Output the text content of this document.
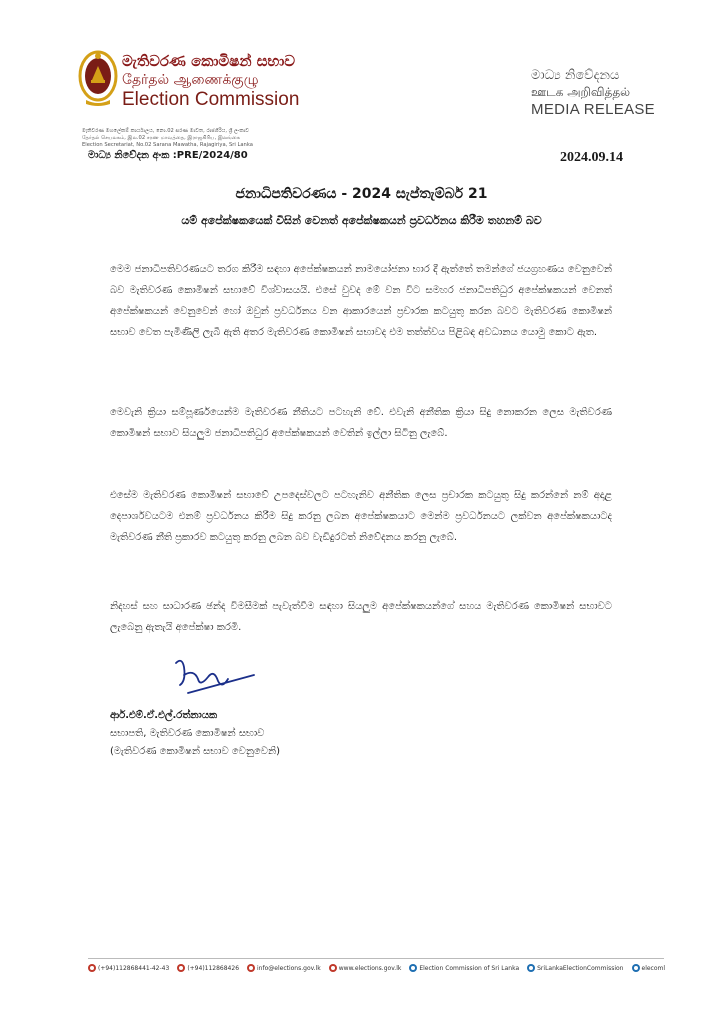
මැතිවරණ කොමිෂන් සභාව
தேர்தல் ஆணைக்குழு
Election Commission
මැතිවරණ මහලේකම් කාර්යාලය, නො.02 සරණ මාවත, රාජගිරිය, ශ්‍රී ලංකාව
தேர்தல் செயலகம், இல.02 சரண மாவத்தை, இராஜகிரிய, இலங்கை
Election Secretariat, No.02 Sarana Mawatha, Rajagiriya, Sri Lanka
මාධ්‍ය නිවේදනය
ஊடக அறிவித்தல்
MEDIA RELEASE
මාධ්‍ය නිවේදන අංක :PRE/2024/80	2024.09.14
ජනාධිපතිවරණය - 2024 සැප්තැම්බර් 21
යම් අපේක්ෂකයෙක් විසින් වෙනත් අපේක්ෂකයන් ප්‍රවර්ධනය කිරීම තහනම් බව
මෙම ජනාධිපතිවරණයට තරග කිරීම සඳහා අපේක්ෂකයන් නාමයෝජනා භාර දී ඇත්තේ තමන්ගේ ජයග්‍රහණය වෙනුවෙන් බව මැතිවරණ කොමිෂන් සභාවේ විශ්වාසයයි. එසේ වුවද මේ වන විට සමහර ජනාධිපතිධුර අපේක්ෂකයන් වෙනත් අපේක්ෂකයන් වෙනුවෙන් හෝ ඔවුන් ප්‍රවර්ධනය වන ආකාරයෙන් ප්‍රචාරක කටයුතු කරන බවට මැතිවරණ කොමිෂන් සභාව වෙත පැමිණිලි ලැබී ඇති අතර මැතිවරණ කොමිෂන් සභාවද එම තත්ත්වය පිළිබඳ අවධානය යොමු කොට ඇත.
මෙවැනි ක්‍රියා සම්පූර්ණයෙන්ම මැතිවරණ නීතියට පටහැනි වේ. එවැනි අනීතික ක්‍රියා සිදු නොකරන ලෙස මැතිවරණ කොමිෂන් සභාව සියලුම ජනාධිපතිධුර අපේක්ෂකයන් වෙතින් ඉල්ලා සිටිනු ලැබේ.
එසේම මැතිවරණ කොමිෂන් සභාවේ උපදෙස්වලට පටහැනිව අනීතික ලෙස ප්‍රචාරක කටයුතු සිදු කරන්නේ නම් අදාළ දෙපාර්ශවයටම එනම් ප්‍රවර්ධනය කිරීම සිදු කරනු ලබන අපේක්ෂකයාට මෙන්ම ප්‍රවර්ධනයට ලක්වන අපේක්ෂකයාටද මැතිවරණ නීති ප්‍රකාරව කටයුතු කරනු ලබන බව වැඩිදුරටත් නිවේදනය කරනු ලැබේ.
නිදහස් සහ සාධාරණ ඡන්ද විමසීමක් පැවැත්වීම සඳහා සියලුම අපේක්ෂකයන්ගේ සහය මැතිවරණ කොමිෂන් සභාවට ලැබෙනු ඇතැයි අපේක්ෂා කරමි.
ආර්.එම්.ඒ.එල්.රත්නායක
සභාපති, මැතිවරණ කොමිෂන් සභාව
(මැතිවරණ කොමිෂන් සභාව වෙනුවෙනි)
(+94)112868441-42-43	(+94)112868426	info@elections.gov.lk	www.elections.gov.lk	Election Commission of Sri Lanka	SriLankaElectionCommission	elecoml
